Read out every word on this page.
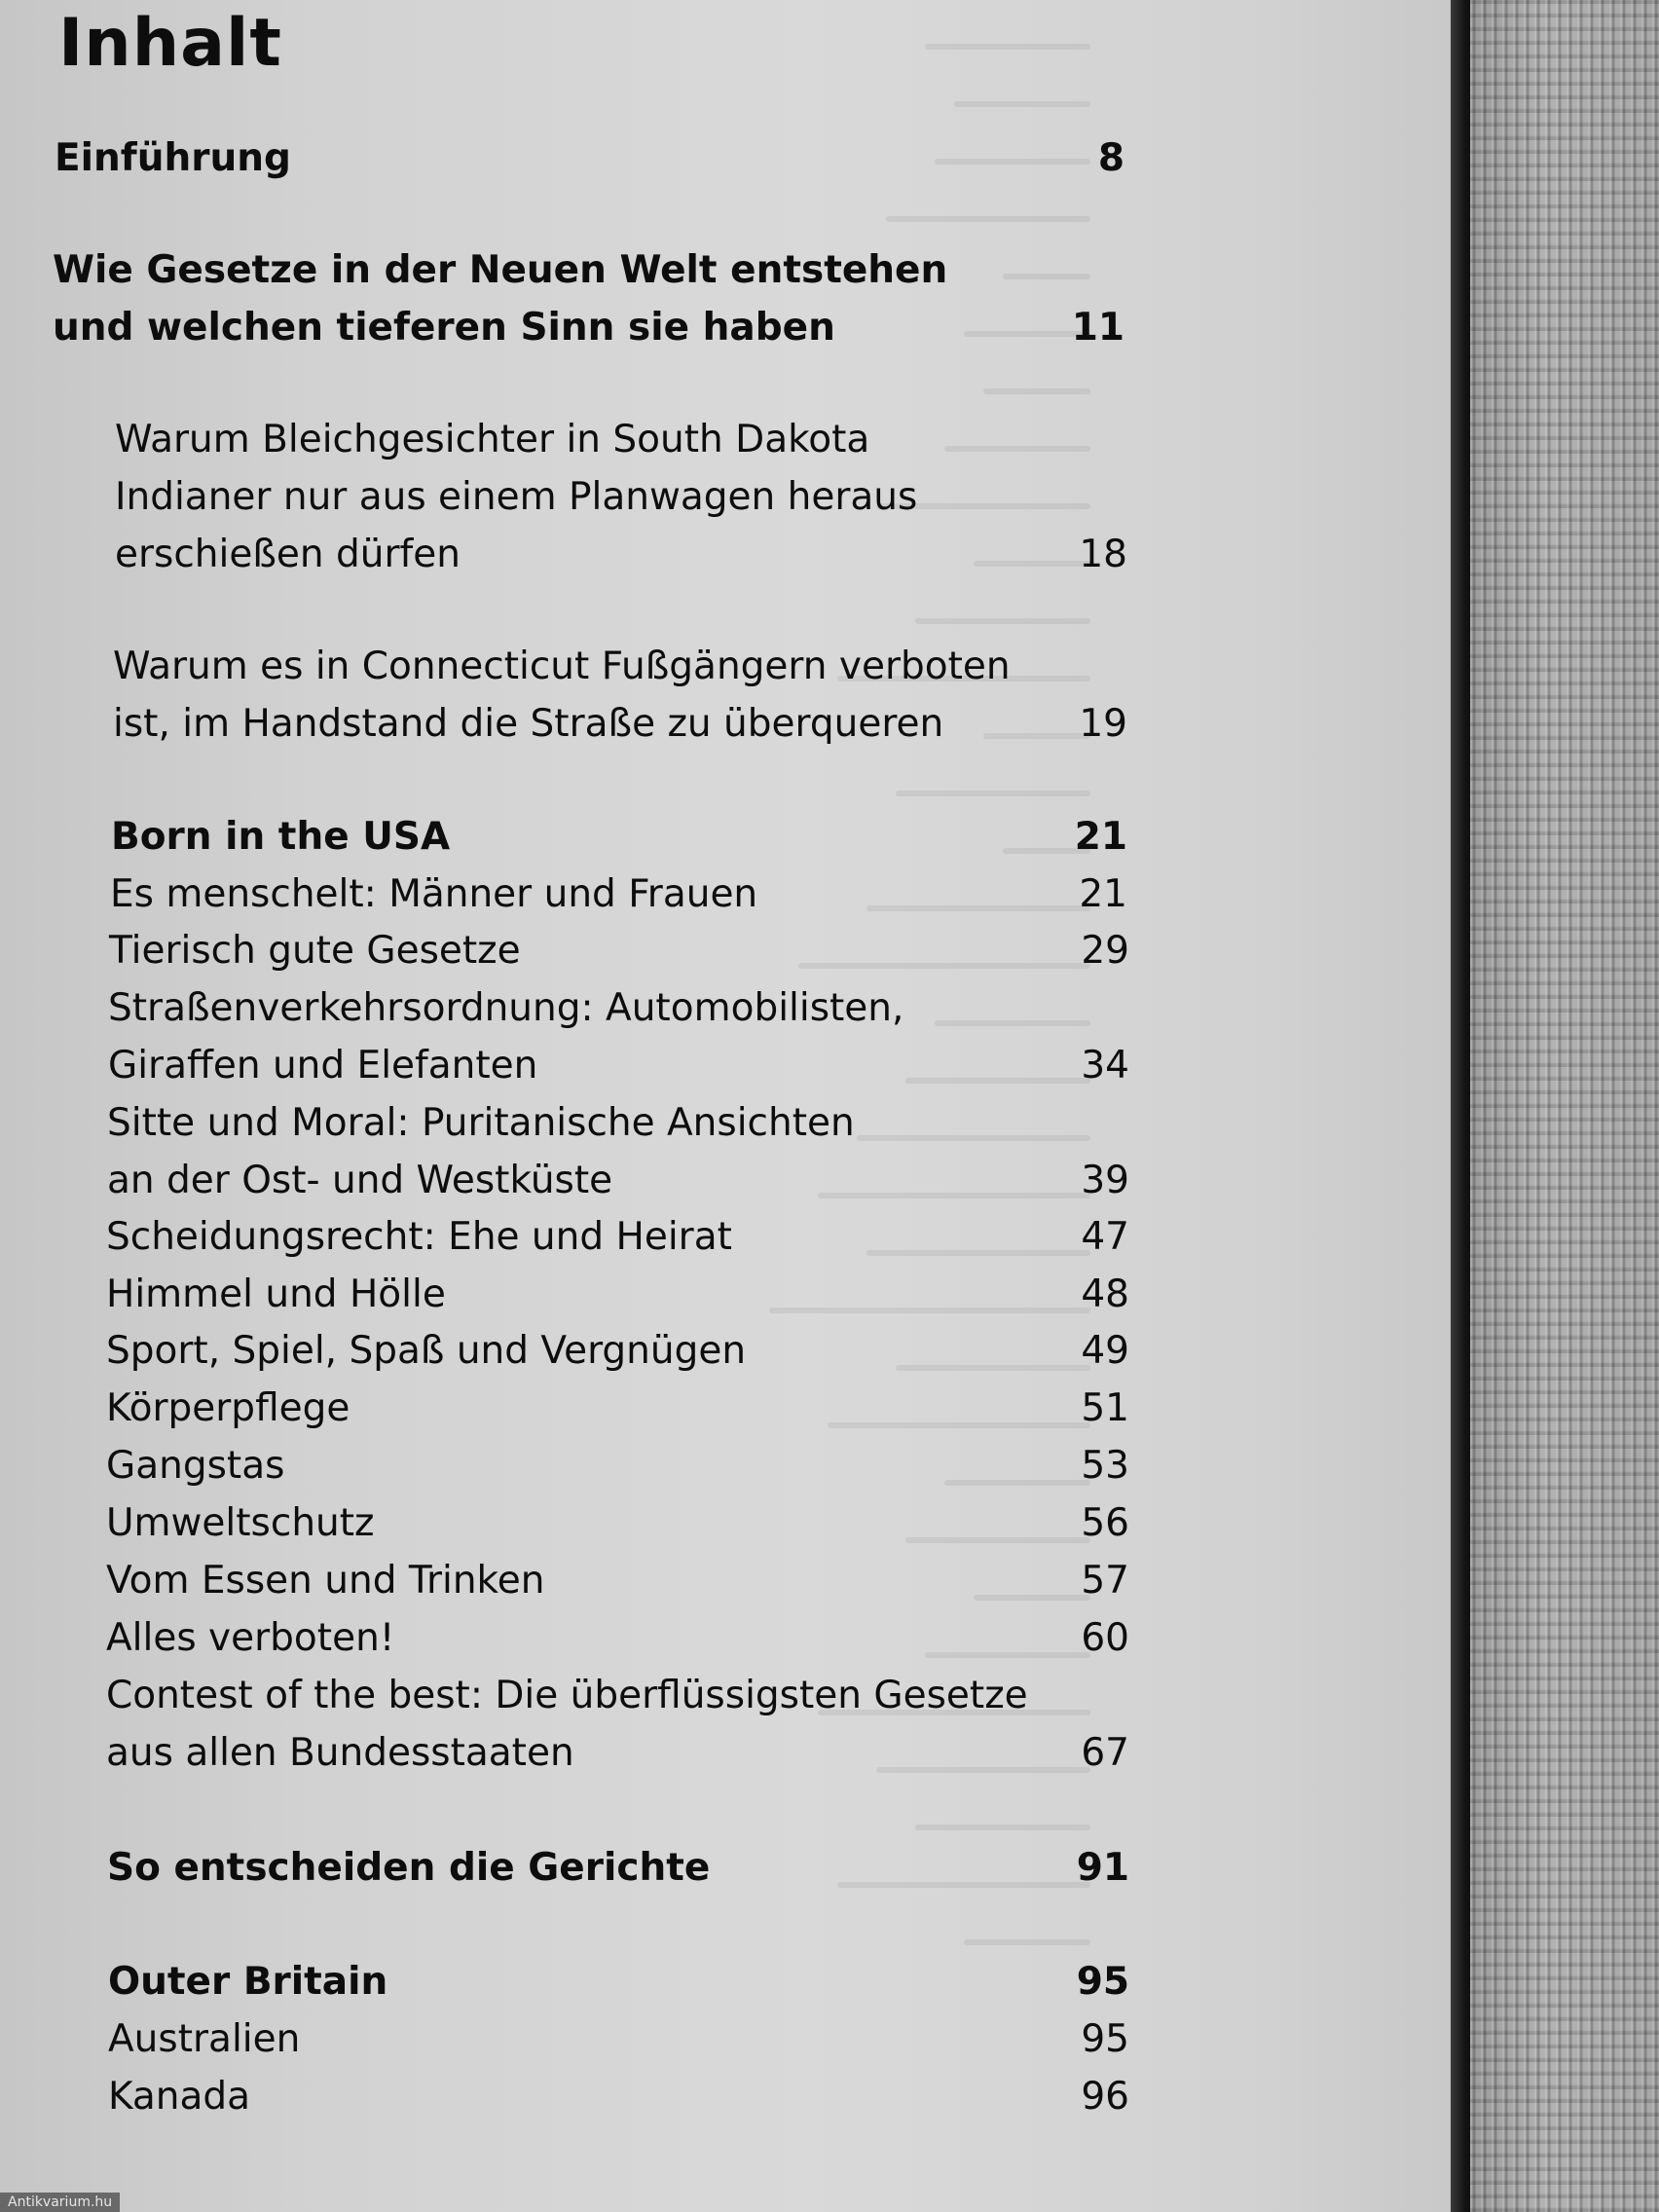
Inhalt
Einführung	8
Wie Gesetze in der Neuen Welt entstehen
und welchen tieferen Sinn sie haben	11
Warum Bleichgesichter in South Dakota
Indianer nur aus einem Planwagen heraus
erschießen dürfen	18
Warum es in Connecticut Fußgängern verboten
ist, im Handstand die Straße zu überqueren	19
Born in the USA	21
Es menschelt: Männer und Frauen	21
Tierisch gute Gesetze	29
Straßenverkehrsordnung: Automobilisten,
Giraffen und Elefanten	34
Sitte und Moral: Puritanische Ansichten
an der Ost- und Westküste	39
Scheidungsrecht: Ehe und Heirat	47
Himmel und Hölle	48
Sport, Spiel, Spaß und Vergnügen	49
Körperpflege	51
Gangstas	53
Umweltschutz	56
Vom Essen und Trinken	57
Alles verboten!	60
Contest of the best: Die überflüssigsten Gesetze
aus allen Bundesstaaten	67
So entscheiden die Gerichte	91
Outer Britain	95
Australien	95
Kanada	96
Antikvarium.hu
